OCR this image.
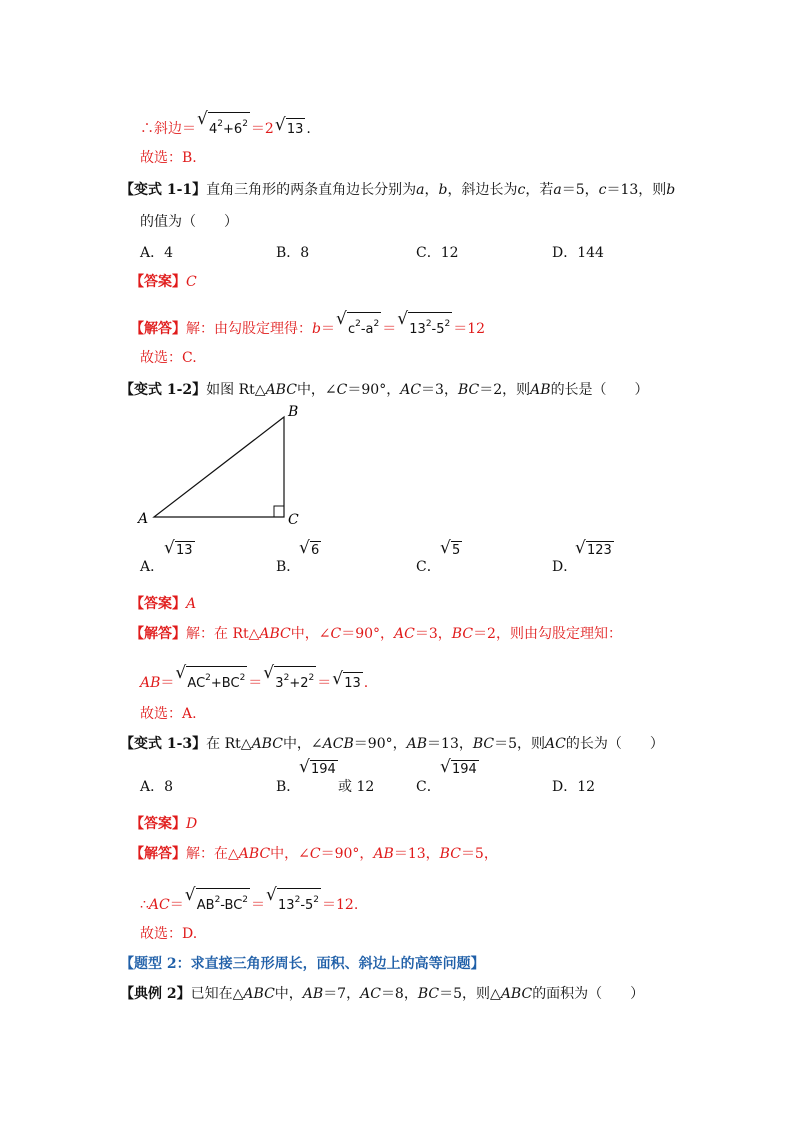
∴斜边＝√ $4^2+6^2 =2√$ 13 .
故选：B.
【变式 1-1】直角三角形的两条直角边长分别为a，b，斜边长为c，若a＝5，c＝13，则b
的值为（　　）
A．4	B．8	C．12	D．144
【答案】C
【解答】解：由勾股定理得：b＝√ $c^2-a^2$ ＝√ $13^2-5^2 =12$
故选：C.
【变式 1-2】如图 Rt△ABC中，∠C＝90°，AC＝3，BC＝2，则AB的长是（　　）
A
B
C
A．
√ 13
B．
√ 6
C．
√ 5
D．
√ 123
【答案】A
【解答】解：在 Rt△ABC中，∠C＝90°，AC＝3，BC＝2，则由勾股定理知：
AB＝√ $AC^2+BC^2$ ＝√ $3^2+2^2$ ＝√ 13 .
故选：A.
【变式 1-3】在 Rt△ABC中，∠ACB＝90°，AB＝13，BC＝5，则AC的长为（　　）
A．8	B．
√ 194
或 12	C．
√ 194
D．12
【答案】D
【解答】解：在△ABC中，∠C＝90°，AB＝13，BC＝5，
∴AC＝√ $AB^2-BC^2$ ＝√ $13^2-5^2 =12$.
故选：D.
【题型 2：求直接三角形周长，面积、斜边上的高等问题】
【典例 2】已知在△ABC中，AB＝7，AC＝8，BC＝5，则△ABC的面积为（　　）
